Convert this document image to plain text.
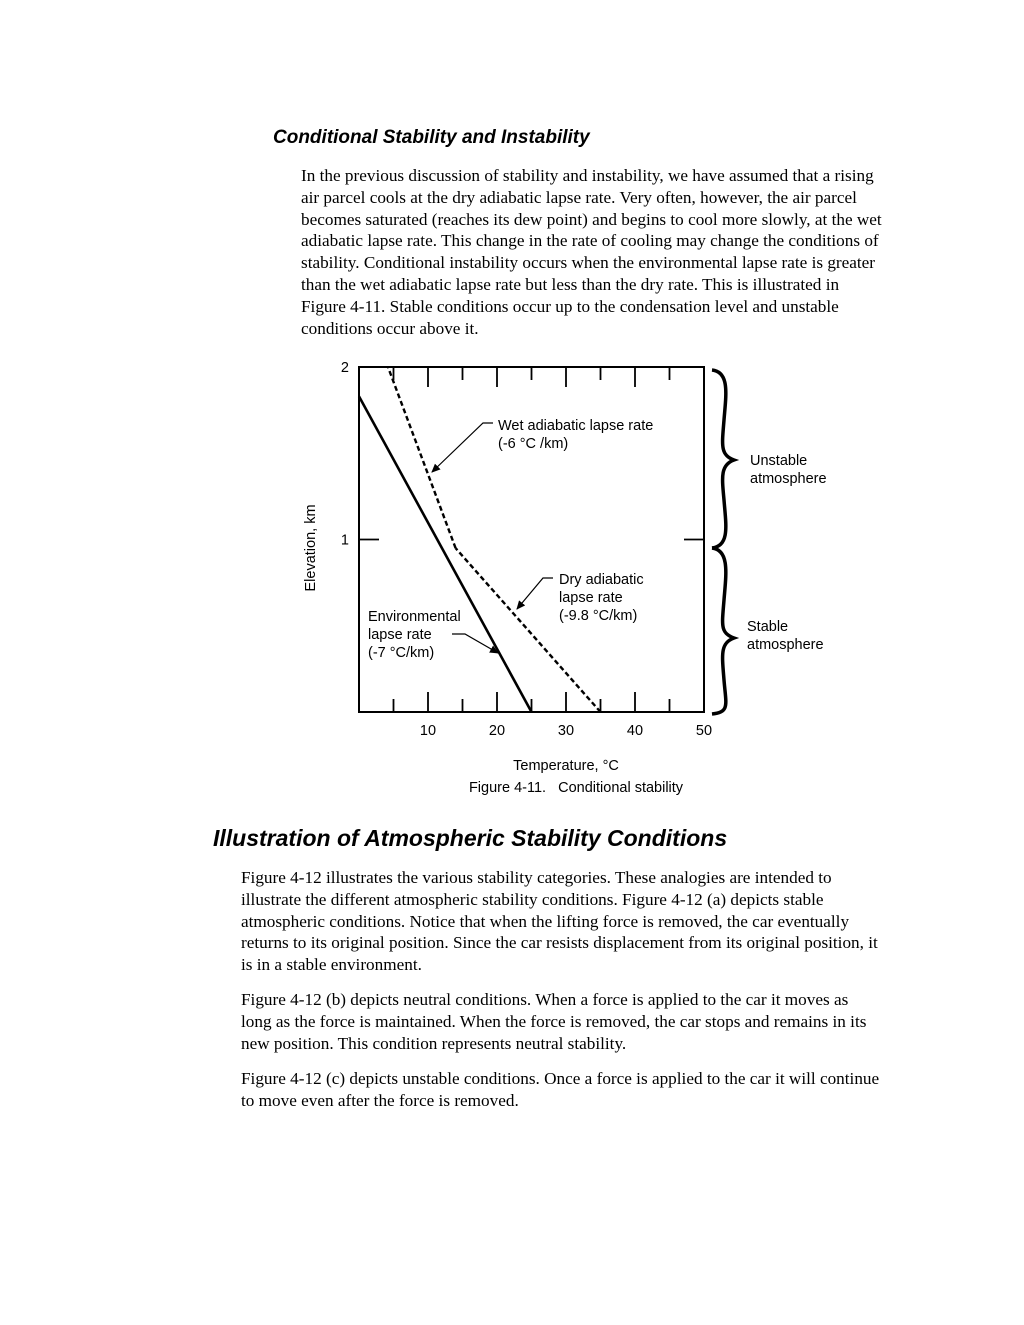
Conditional Stability and Instability

In the previous discussion of stability and instability, we have assumed that a rising air parcel cools at the dry adiabatic lapse rate. Very often, however, the air parcel becomes saturated (reaches its dew point) and begins to cool more slowly, at the wet adiabatic lapse rate. This change in the rate of cooling may change the conditions of stability. Conditional instability occurs when the environmental lapse rate is greater than the wet adiabatic lapse rate but less than the dry rate. This is illustrated in Figure 4-11. Stable conditions occur up to the condensation level and unstable conditions occur above it.

10	20	30	40	50
1
2
Wet adiabatic lapse rate
(-6 °C /km)
Dry adiabatic
lapse rate
(-9.8 °C/km)
Environmental
lapse rate
(-7 °C/km)
Unstable
atmosphere
Stable
atmosphere
Elevation, km
Temperature, °C
Figure 4-11.   Conditional stability
Illustration of Atmospheric Stability Conditions

Figure 4-12 illustrates the various stability categories. These analogies are intended to illustrate the different atmospheric stability conditions. Figure 4-12 (a) depicts stable atmospheric conditions. Notice that when the lifting force is removed, the car eventually returns to its original position. Since the car resists displacement from its original position, it is in a stable environment.

Figure 4-12 (b) depicts neutral conditions. When a force is applied to the car it moves as long as the force is maintained. When the force is removed, the car stops and remains in its new position. This condition represents neutral stability.

Figure 4-12 (c) depicts unstable conditions. Once a force is applied to the car it will continue to move even after the force is removed.
